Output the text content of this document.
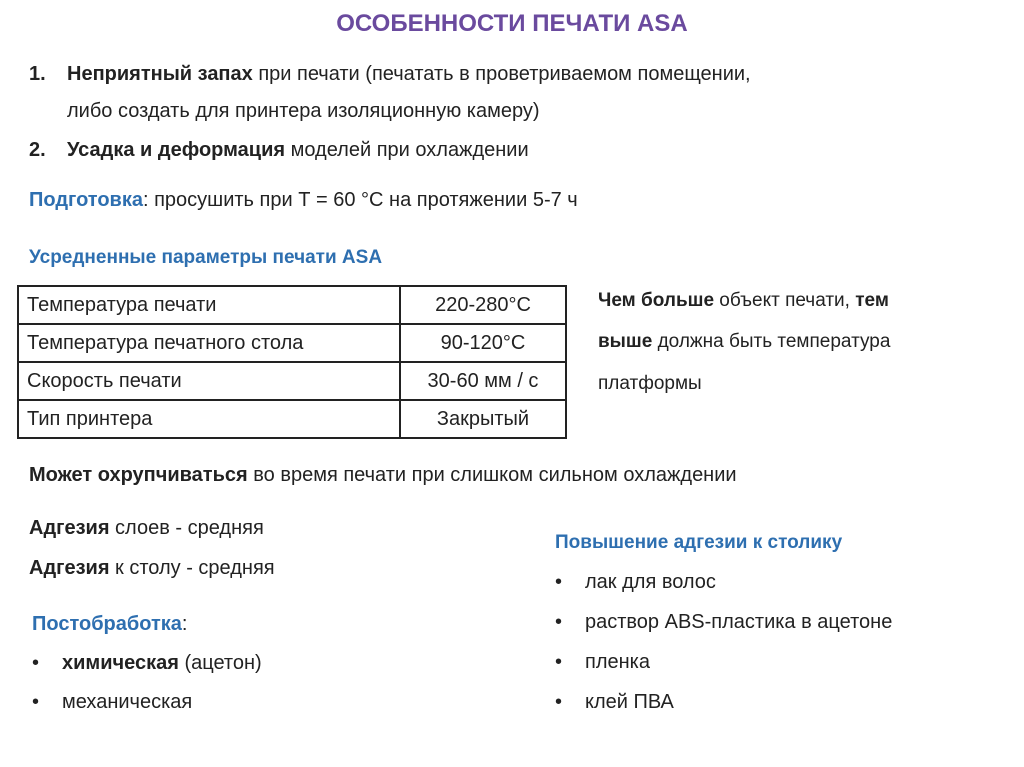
ОСОБЕННОСТИ ПЕЧАТИ ASA
1. Неприятный запах при печати (печатать в проветриваемом помещении,
либо создать для принтера изоляционную камеру)
2. Усадка и деформация моделей при охлаждении
Подготовка: просушить при Т = 60 °С на протяжении 5-7 ч
Усредненные параметры печати ASA
Температура печати	220-280°C
Температура печатного стола	90-120°C
Скорость печати	30-60 мм / с
Тип принтера	Закрытый
Чем больше объект печати, тем
выше должна быть температура
платформы
Может охрупчиваться во время печати при слишком сильном охлаждении
Адгезия слоев - средняя
Адгезия к столу - средняя
Постобработка:
• химическая (ацетон)
• механическая
Повышение адгезии к столику
• лак для волос
• раствор ABS-пластика в ацетоне
• пленка
• клей ПВА
